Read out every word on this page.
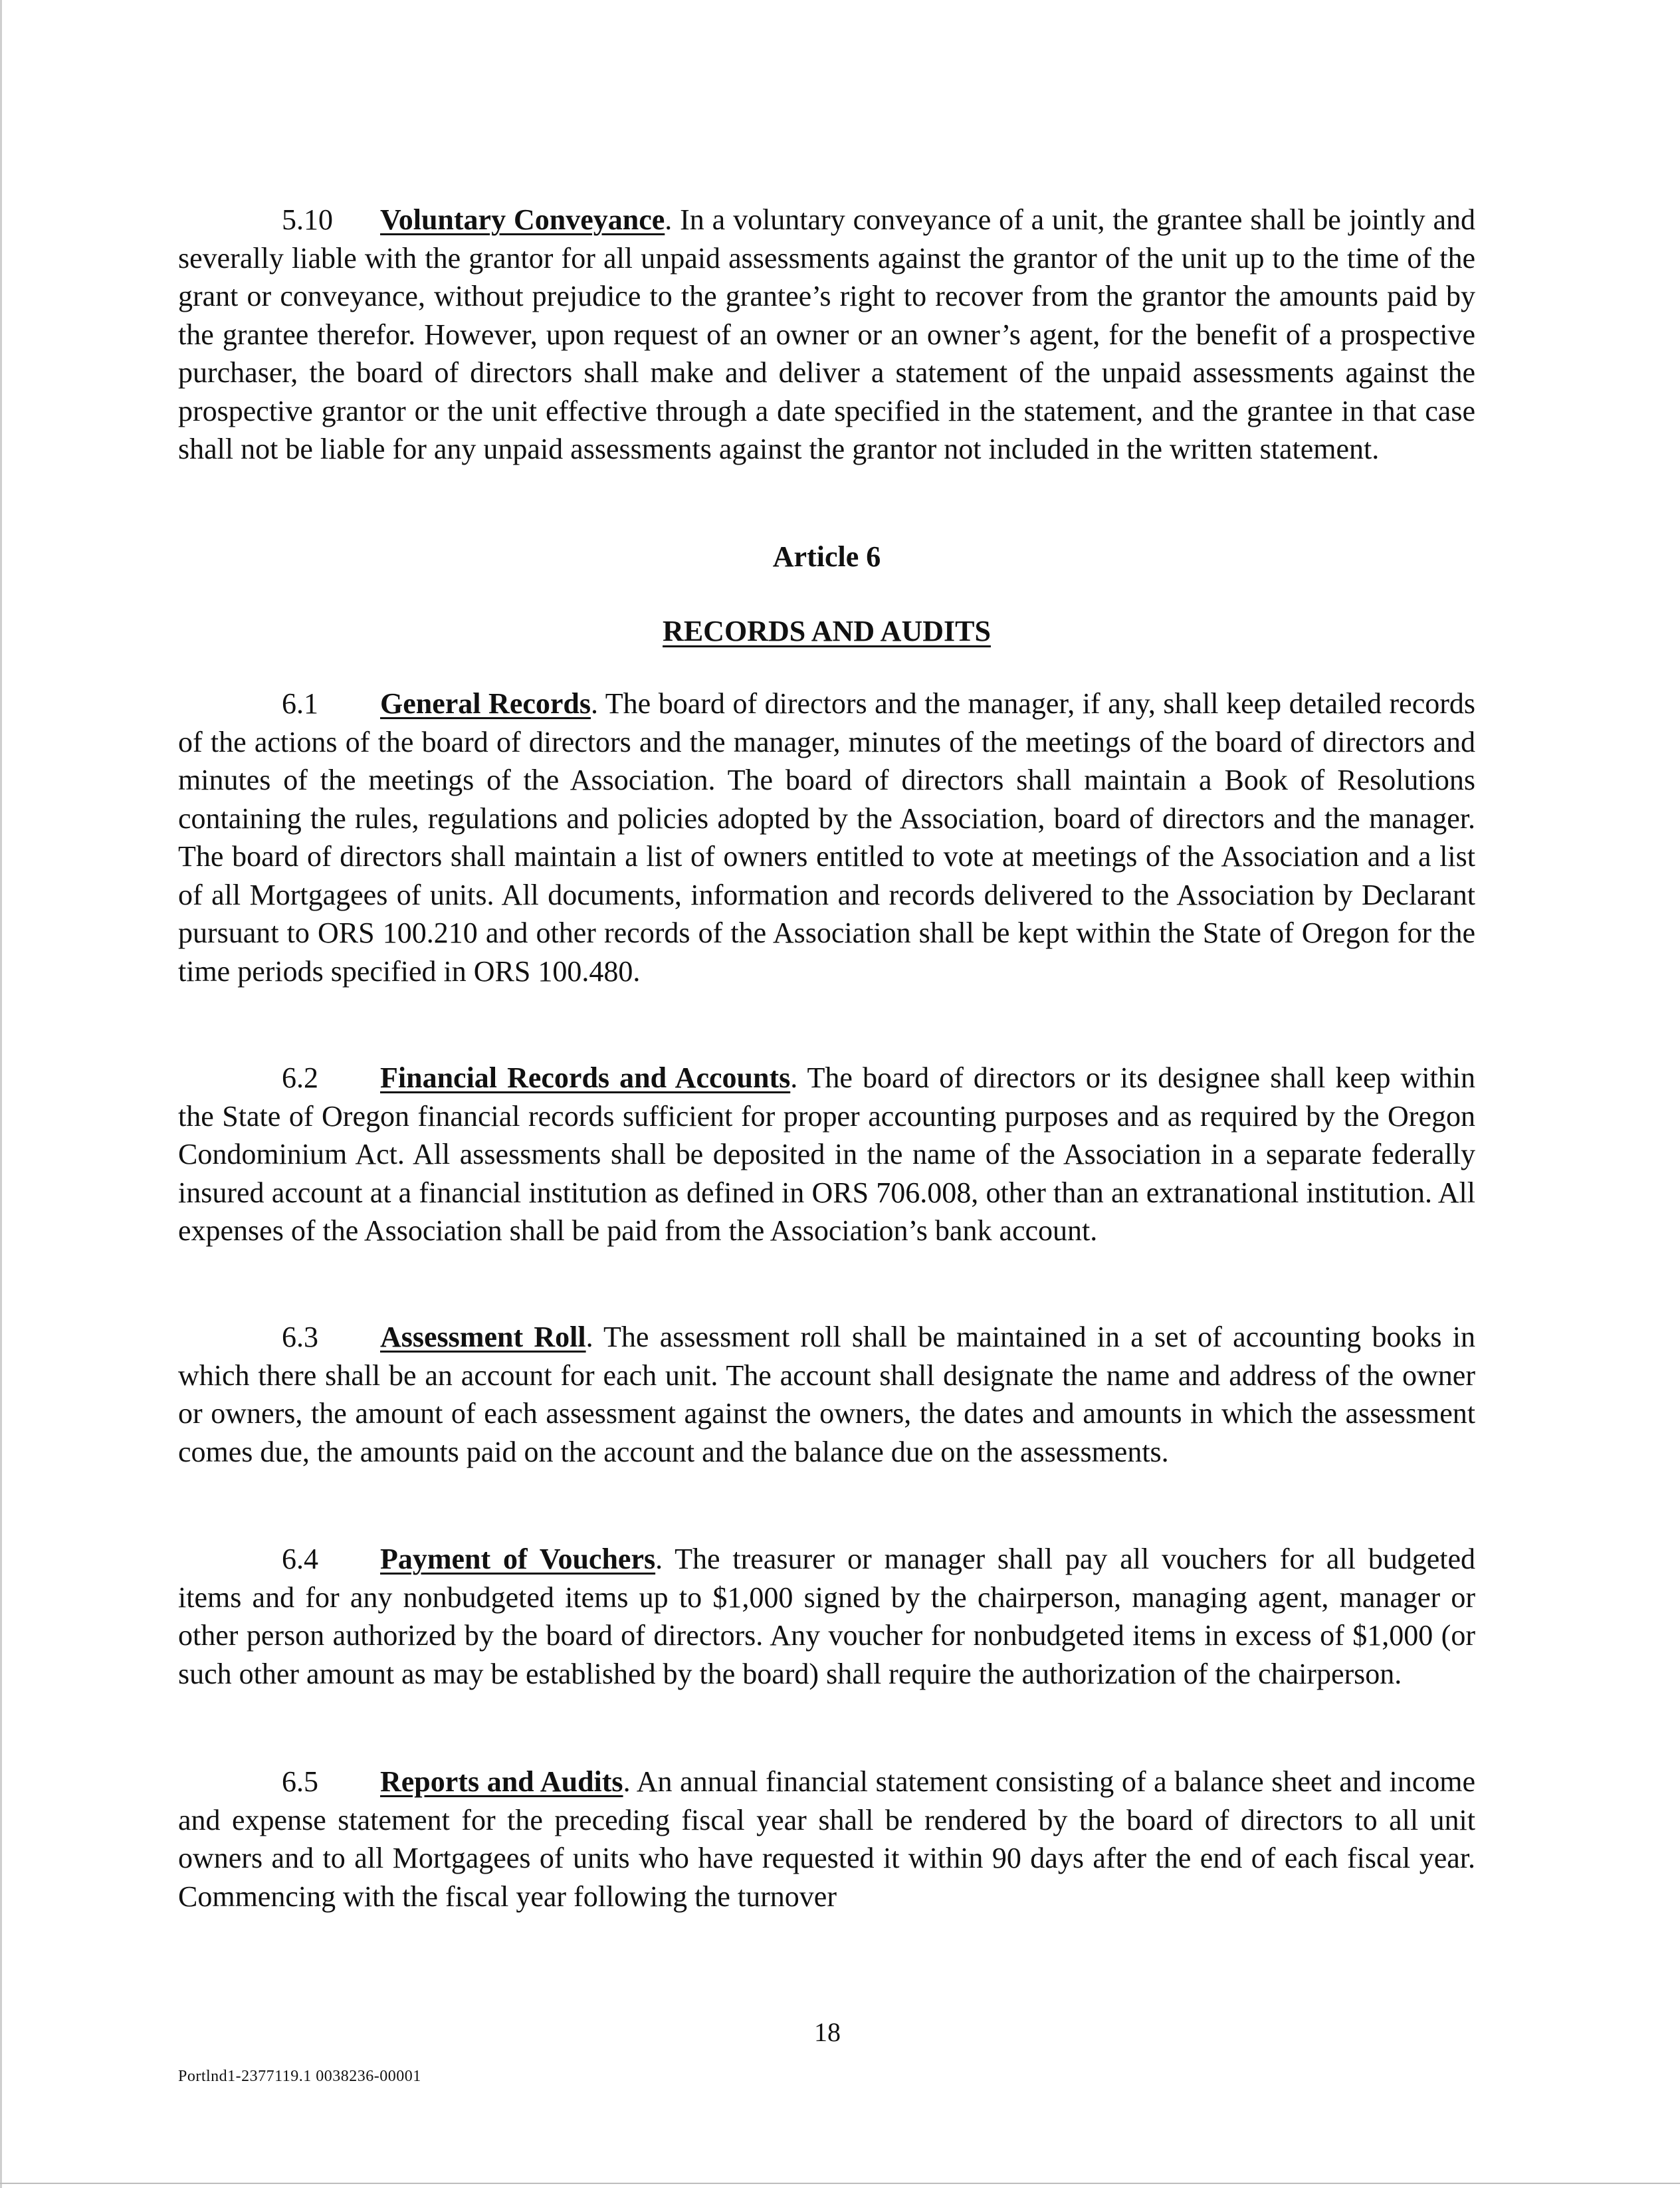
5.10 Voluntary Conveyance. In a voluntary conveyance of a unit, the grantee shall be jointly and severally liable with the grantor for all unpaid assessments against the grantor of the unit up to the time of the grant or conveyance, without prejudice to the grantee’s right to recover from the grantor the amounts paid by the grantee therefor. However, upon request of an owner or an owner’s agent, for the benefit of a prospective purchaser, the board of directors shall make and deliver a statement of the unpaid assessments against the prospective grantor or the unit effective through a date specified in the statement, and the grantee in that case shall not be liable for any unpaid assessments against the grantor not included in the written statement.

Article 6

RECORDS AND AUDITS

6.1 General Records. The board of directors and the manager, if any, shall keep detailed records of the actions of the board of directors and the manager, minutes of the meetings of the board of directors and minutes of the meetings of the Association. The board of directors shall maintain a Book of Resolutions containing the rules, regulations and policies adopted by the Association, board of directors and the manager. The board of directors shall maintain a list of owners entitled to vote at meetings of the Association and a list of all Mortgagees of units. All documents, information and records delivered to the Association by Declarant pursuant to ORS 100.210 and other records of the Association shall be kept within the State of Oregon for the time periods specified in ORS 100.480.

6.2 Financial Records and Accounts. The board of directors or its designee shall keep within the State of Oregon financial records sufficient for proper accounting purposes and as required by the Oregon Condominium Act. All assessments shall be deposited in the name of the Association in a separate federally insured account at a financial institution as defined in ORS 706.008, other than an extranational institution. All expenses of the Association shall be paid from the Association’s bank account.

6.3 Assessment Roll. The assessment roll shall be maintained in a set of accounting books in which there shall be an account for each unit. The account shall designate the name and address of the owner or owners, the amount of each assessment against the owners, the dates and amounts in which the assessment comes due, the amounts paid on the account and the balance due on the assessments.

6.4 Payment of Vouchers. The treasurer or manager shall pay all vouchers for all budgeted items and for any nonbudgeted items up to $1,000 signed by the chairperson, managing agent, manager or other person authorized by the board of directors. Any voucher for nonbudgeted items in excess of $1,000 (or such other amount as may be established by the board) shall require the authorization of the chairperson.

6.5 Reports and Audits. An annual financial statement consisting of a balance sheet and income and expense statement for the preceding fiscal year shall be rendered by the board of directors to all unit owners and to all Mortgagees of units who have requested it within 90 days after the end of each fiscal year. Commencing with the fiscal year following the turnover

18
Portlnd1-2377119.1 0038236-00001
